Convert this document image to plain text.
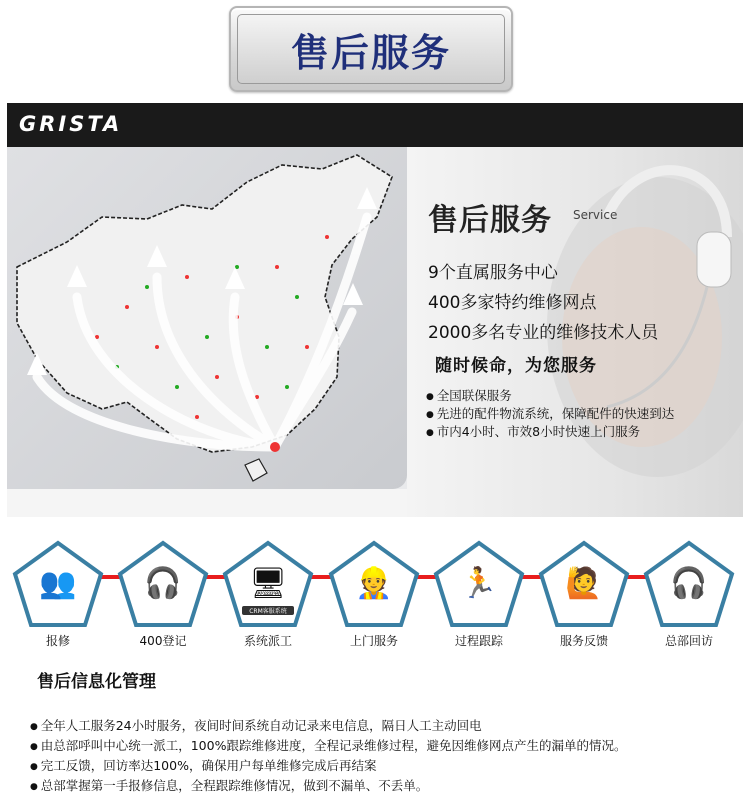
售后服务
GRISTA
售后服务 Service
9个直属服务中心
400多家特约维修网点
2000多名专业的维修技术人员
随时候命，为您服务
● 全国联保服务
● 先进的配件物流系统，保障配件的快速到达
● 市内4小时、市效8小时快速上门服务
👥
报修
🎧
400登记
🖥
CRM客服系统
系统派工
👷
上门服务
🏃
过程跟踪
🙋
服务反馈
🎧
总部回访
售后信息化管理
● 全年人工服务24小时服务，夜间时间系统自动记录来电信息，隔日人工主动回电
● 由总部呼叫中心统一派工，100%跟踪维修进度，全程记录维修过程，避免因维修网点产生的漏单的情况。
● 完工反馈，回访率达100%，确保用户每单维修完成后再结案
● 总部掌握第一手报修信息，全程跟踪维修情况，做到不漏单、不丢单。
